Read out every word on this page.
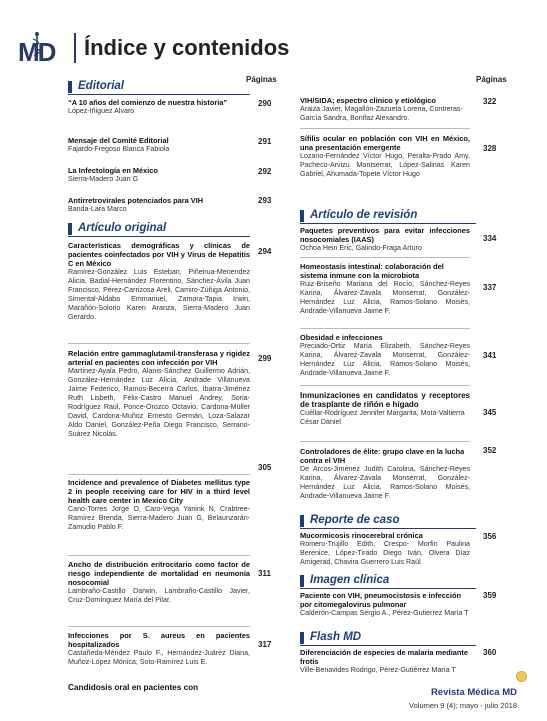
MD Índice y contenidos
Páginas	Páginas
Editorial
“A 10 años del comienzo de nuestra historia”
López-Iñiguez Alvaro
290
Mensaje del Comité Editorial
Fajardo-Fregoso Blanca Fabiola
291
La Infectología en México
Sierra-Madero Juan G
292
Antirretrovirales potenciados para VIH
Banda-Lara Marco
293
Artículo original
Características demográficas y clínicas de pacientes coinfectados por VIH y Virus de Hepatitis C en México
Ramírez-González Luis Esteban, Piñeirua-Menendez Alicia, Badial-Hernández Florentino, Sánchez-Ávila Juan Francisco, Pérez-Carrizosa Areli, Camiro-Zúñiga Antonio, Simental-Aldaba Emmanuel, Zamora-Tapia Irwin, Marañón-Solorio Karen Aranza, Sierra-Madero Juan Gerardo.
294
Relación entre gammaglutamil-transferasa y rigidez arterial en pacientes con infección por VIH
Martínez-Ayala Pedro, Alanis-Sánchez Guillermo Adrián, González-Hernández Luz Alicia, Andrade Villanueva Jaime Federico, Ramos-Becerra Carlos, Ibarra-Jiménez Ruth Lisbeth, Félix-Castro Manuel Andrey, Soria-Rodríguez Raúl, Ponce-Orozco Octavio, Cardona-Müller David, Cardona-Muñoz Ernesto Germán, Loza-Salazar Aldo Daniel, González-Peña Diego Francisco, Serrano-Suárez Nicolás.
299
Incidence and prevalence of Diabetes mellitus type 2 in people receiving care for HIV in a third level health care center in Mexico City
Cano-Torres Jorge O, Caro-Vega Yanink N, Crabtree-Ramírez Brenda, Sierra-Madero Juan G, Belaunzarán-Zamudio Pablo F.
305
Ancho de distribución eritrocitario como factor de riesgo independiente de mortalidad en neumonía nosocomial
Lambraño-Castillo Darwin, Lambraño-Castillo Javier, Cruz-Domínguez María del Pilar.
311
Infecciones por S. aureus en pacientes hospitalizados
Castañeda-Méndez Paulo F., Hernández-Juárez Diana, Muñoz-López Mónica, Soto-Ramírez Luis E.
317
Candidosis oral en pacientes con
VIH/SIDA; espectro clínico y etiológico
Araiza Javier, Magallón-Zazueta Lorena, Contreras-García Sandra, Bonifaz Alexandro.
322
Sífilis ocular en población con VIH en México, una presentación emergente
Lozano-Fernández Víctor Hugo, Peralta-Prado Amy, Pacheco-Arvizu Montserrat, López-Salinas Karen Gabriel, Ahumada-Topete Víctor Hugo
328
Artículo de revisión
Paquetes preventivos para evitar infecciones nosocomiales (IAAS)
Ochoa Hein Eric, Galindo-Fraga Arturo
334
Homeostasis intestinal: colaboración del sistema inmune con la microbiota
Ruiz-Briseño Mariana del Rocío, Sánchez-Reyes Karina, Álvarez-Zavala Monserrat, González-Hernández Luz Alicia, Ramos-Solano Moisés, Andrade-Villanueva Jaime F.
337
Obesidad e infecciones
Preciado-Ortiz María Elizabeth, Sánchez-Reyes Karina, Álvarez-Zavala Monserrat, González-Hernández Luz Alicia, Ramos-Solano Moisés, Andrade-Villanueva Jaime F.
341
Inmunizaciones en candidatos y receptores de trasplante de riñón e hígado
Cuéllar-Rodríguez Jennifer Margarita, Mota-Valtierra César Daniel
345
Controladores de élite: grupo clave en la lucha contra el VIH
De Arcos-Jiménez Judith Carolina, Sánchez-Reyes Karina, Álvarez-Zavala Monserrat, González-Hernández Luz Alicia, Ramos-Solano Moisés, Andrade-Villanueva Jaime F.
352
Reporte de caso
Mucormicosis rinocerebral crónica
Romero-Trujillo Edith, Crespo- Morfin Paulina Berenice, López-Tirado Diego Iván, Olvera Díaz Amigerad, Chavira Guerrero Luis Raúl
356
Imagen clínica
Paciente con VIH, pneumocistosis e infección por citomegalovirus pulmonar
Calderón-Campas Sergio A., Pérez-Gutiérrez María T
359
Flash MD
Diferenciación de especies de malaria mediante frotis
Ville-Benavides Rodrigo, Pérez-Gutiérrez María T
360
Revista Médica MD
Volumen 9 (4); mayo - julio 2018
